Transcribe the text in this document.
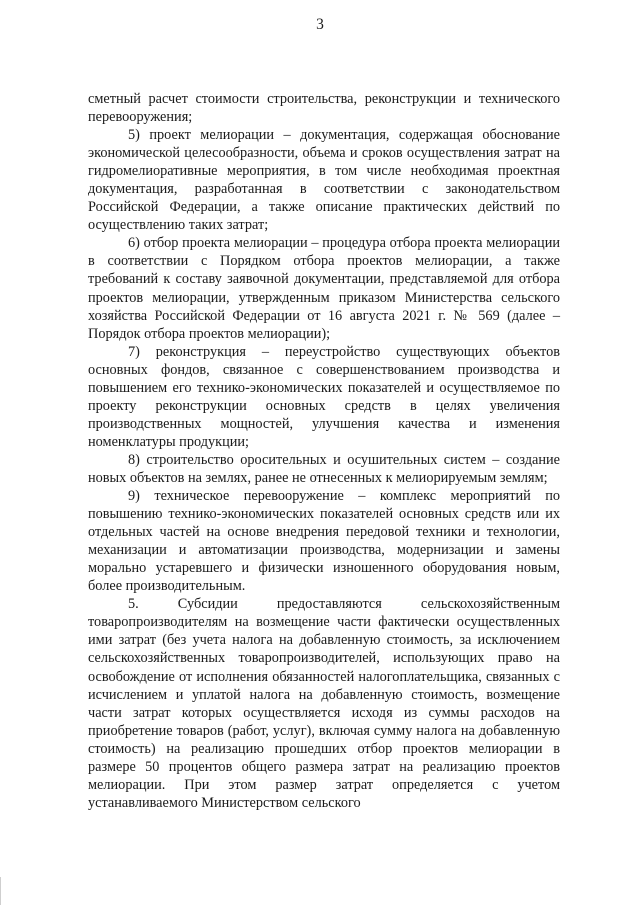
3

сметный расчет стоимости строительства, реконструкции и технического перевооружения;

5) проект мелиорации – документация, содержащая обоснование экономической целесообразности, объема и сроков осуществления затрат на гидромелиоративные мероприятия, в том числе необходимая проектная документация, разработанная в соответствии с законодательством Российской Федерации, а также описание практических действий по осуществлению таких затрат;

6) отбор проекта мелиорации – процедура отбора проекта мелиорации в соответствии с Порядком отбора проектов мелиорации, а также требований к составу заявочной документации, представляемой для отбора проектов мелиорации, утвержденным приказом Министерства сельского хозяйства Российской Федерации от 16 августа 2021 г. № 569 (далее – Порядок отбора проектов мелиорации);

7) реконструкция – переустройство существующих объектов основных фондов, связанное с совершенствованием производства и повышением его технико-экономических показателей и осуществляемое по проекту реконструкции основных средств в целях увеличения производственных мощностей, улучшения качества и изменения номенклатуры продукции;

8) строительство оросительных и осушительных систем – создание новых объектов на землях, ранее не отнесенных к мелиорируемым землям;

9) техническое перевооружение – комплекс мероприятий по повышению технико-экономических показателей основных средств или их отдельных частей на основе внедрения передовой техники и технологии, механизации и автоматизации производства, модернизации и замены морально устаревшего и физически изношенного оборудования новым, более производительным.

5. Субсидии предоставляются сельскохозяйственным товаропроизводителям на возмещение части фактически осуществленных ими затрат (без учета налога на добавленную стоимость, за исключением сельскохозяйственных товаропроизводителей, использующих право на освобождение от исполнения обязанностей налогоплательщика, связанных с исчислением и уплатой налога на добавленную стоимость, возмещение части затрат которых осуществляется исходя из суммы расходов на приобретение товаров (работ, услуг), включая сумму налога на добавленную стоимость) на реализацию прошедших отбор проектов мелиорации в размере 50 процентов общего размера затрат на реализацию проектов мелиорации. При этом размер затрат определяется с учетом устанавливаемого Министерством сельского
